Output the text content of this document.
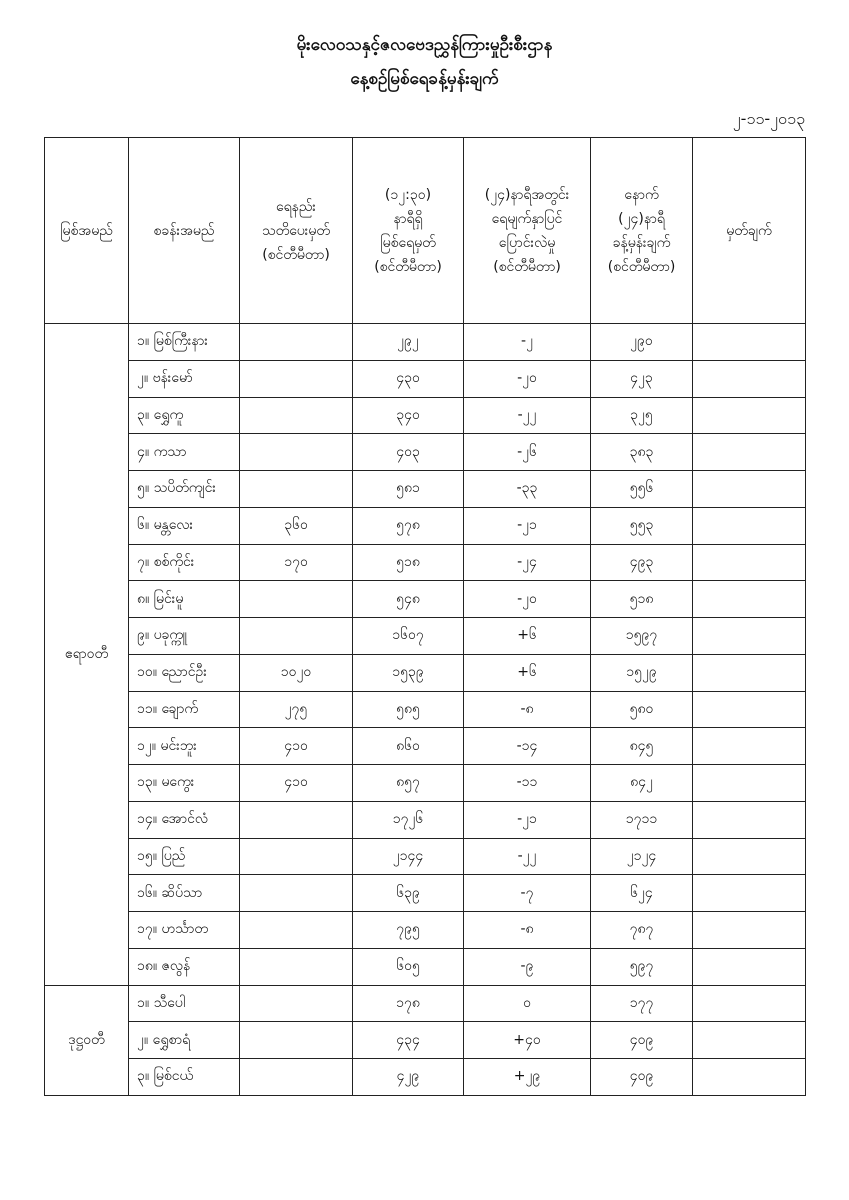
မိုးလေဝသနှင့်ဇလဗေဒညွှန်ကြားမှုဦးစီးဌာန
နေ့စဉ်မြစ်ရေခန့်မှန်းချက်
၂-၁၁-၂၀၁၃
မြစ်အမည်	စခန်းအမည်	ရေနည်း
သတိပေးမှတ်
(စင်တီမီတာ)	(၁၂:၃၀)
နာရီရှိ
မြစ်ရေမှတ်
(စင်တီမီတာ)	(၂၄)နာရီအတွင်း
ရေမျက်နှာပြင်
ပြောင်းလဲမှု
(စင်တီမီတာ)	နောက်
(၂၄)နာရီ
ခန့်မှန်းချက်
(စင်တီမီတာ)	မှတ်ချက်
ဧရာဝတီ	၁။ မြစ်ကြီးနား		၂၉၂	-၂	၂၉၀	
	၂။ ဗန်းမော်		၄၃၀	-၂၀	၄၂၃	
	၃။ ရွှေကူ		၃၄၀	-၂၂	၃၂၅	
	၄။ ကသာ		၄၀၃	-၂၆	၃၈၃	
	၅။ သပိတ်ကျင်း		၅၈၁	-၃၃	၅၅၆	
	၆။ မန္တလေး	၃၆၀	၅၇၈	-၂၁	၅၅၃	
	၇။ စစ်ကိုင်း	၁၇၀	၅၁၈	-၂၄	၄၉၃	
	၈။ မြင်းမူ		၅၄၈	-၂၀	၅၁၈	
	၉။ ပခုက္ကူ		၁၆၀၇	+၆	၁၅၉၇	
	၁၀။ ညောင်ဦး	၁၀၂၀	၁၅၃၉	+၆	၁၅၂၉	
	၁၁။ ချောက်	၂၇၅	၅၈၅	-၈	၅၈၀	
	၁၂။ မင်းဘူး	၄၁၀	၈၆၀	-၁၄	၈၄၅	
	၁၃။ မကွေး	၄၁၀	၈၅၇	-၁၁	၈၄၂	
	၁၄။ အောင်လံ		၁၇၂၆	-၂၁	၁၇၁၁	
	၁၅။ ပြည်		၂၁၄၄	-၂၂	၂၁၂၄	
	၁၆။ ဆိပ်သာ		၆၃၉	-၇	၆၂၄	
	၁၇။ ဟင်္သာတ		၇၉၅	-၈	၇၈၇	
	၁၈။ ဇလွန်		၆၀၅	-၉	၅၉၇	
ဒုဋ္ဌဝတီ	၁။ သီပေါ		၁၇၈	၀	၁၇၇	
	၂။ ရွှေစာရံ		၄၃၄	+၄၀	၄၀၉	
	၃။ မြစ်ငယ်		၄၂၉	+၂၉	၄၀၉	
